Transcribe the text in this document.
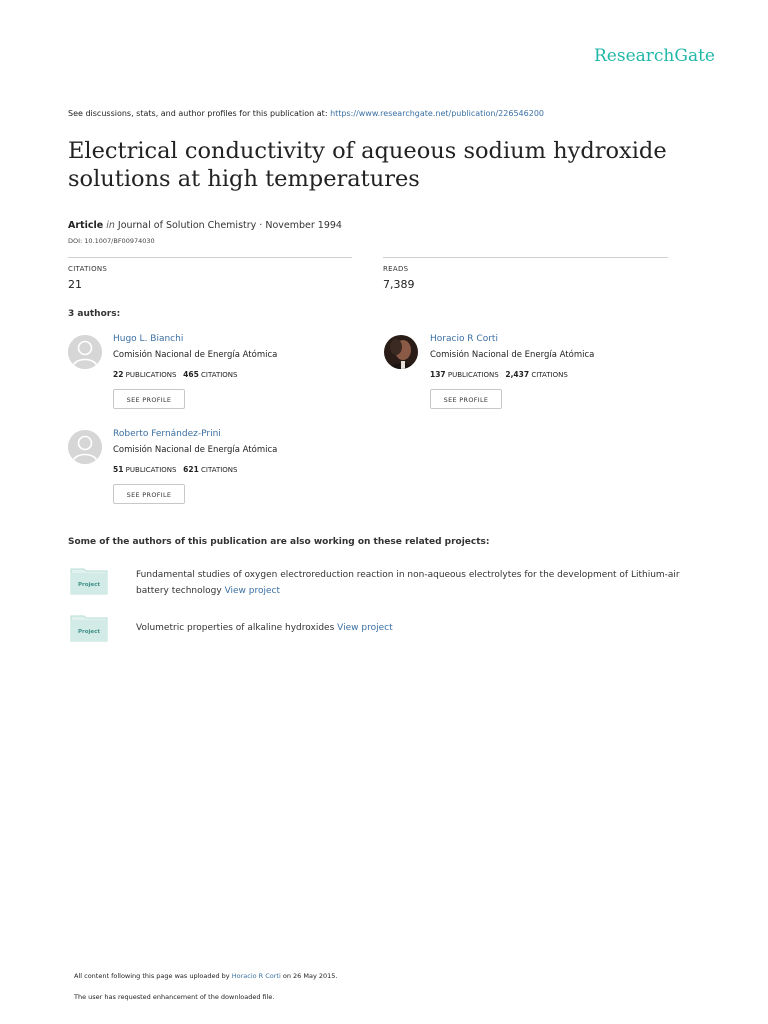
ResearchGate
See discussions, stats, and author profiles for this publication at: https://www.researchgate.net/publication/226546200
Electrical conductivity of aqueous sodium hydroxide solutions at high temperatures
Article in Journal of Solution Chemistry · November 1994
DOI: 10.1007/BF00974030
CITATIONS
21
READS
7,389
3 authors:
Hugo L. Bianchi
Comisión Nacional de Energía Atómica
22 PUBLICATIONS 465 CITATIONS
SEE PROFILE
Horacio R Corti
Comisión Nacional de Energía Atómica
137 PUBLICATIONS 2,437 CITATIONS
SEE PROFILE
Roberto Fernández-Prini
Comisión Nacional de Energía Atómica
51 PUBLICATIONS 621 CITATIONS
SEE PROFILE
Some of the authors of this publication are also working on these related projects:
Project
Fundamental studies of oxygen electroreduction reaction in non-aqueous electrolytes for the development of Lithium-air battery technology View project
Project	Volumetric properties of alkaline hydroxides View project
All content following this page was uploaded by Horacio R Corti on 26 May 2015.
The user has requested enhancement of the downloaded file.
